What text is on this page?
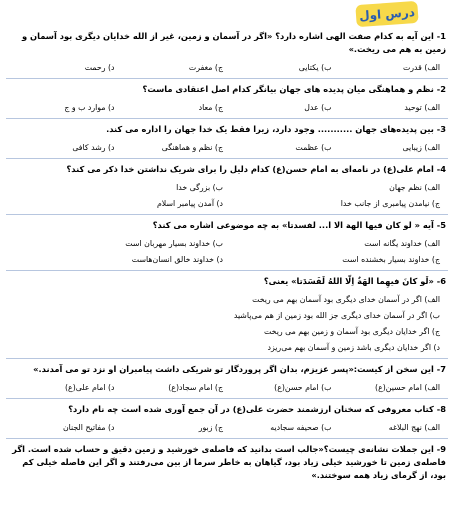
درس اول
1- این آیه به کدام صفت الهی اشاره دارد؟ «اگر در آسمان و زمین، غیر از الله خدایان دیگری بود آسمان و زمین به هم می ریخت.»
الف) قدرت
ب) یکتایی
ج) مغفرت
د) رحمت
2- نظم و هماهنگی میان پدیده های جهان بیانگر کدام اصل اعتقادی ماست؟
الف) توحید
ب) عدل
ج) معاد
د) موارد ب و ج
3- بین پدیده‌های جهان ........... وجود دارد، زیرا فقط یک خدا جهان را اداره می کند.
الف) زیبایی
ب) عظمت
ج) نظم و هماهنگی
د) رشد کافی
4- امام علی(ع) در نامه‌ای به امام حسن(ع) کدام دلیل را برای شریک نداشتن خدا ذکر می کند؟
الف) نظم جهان
ب) بزرگی خدا
ج) نیامدن پیامبری از جانب خدا
د) آمدن پیامبر اسلام
5- آیه « لو کان فیها الهة الا ا... لفسدتا» به چه موضوعی اشاره می کند؟
الف) خداوند یگانه است
ب) خداوند بسیار مهربان است
ج) خداوند بسیار بخشنده است
د) خداوند خالق انسان‌هاست
6- «لَو کانَ فیهِما الهَةٌ اِلّا اللهُ لَفَسَدَتا» یعنی؟
الف) اگر در آسمان خدای دیگری بود آسمان بهم می ریخت
ب) اگر در آسمان خدای دیگری جز الله بود زمین از هم می‌پاشید
ج) اگر خدایان دیگری بود آسمان و زمین بهم می ریخت
د) اگر خدایان دیگری باشد زمین و آسمان بهم می‌ریزد
7- این سخن از کیست:«پسر عزیزم، بدان اگر پروردگار تو شریکی داشت پیامبران او نزد تو می آمدند.»
الف) امام حسین(ع)
ب) امام حسن(ع)
ج) امام سجاد(ع)
د) امام علی(ع)
8- کتاب معروفی که سخنان ارزشمند حضرت علی(ع) در آن جمع آوری شده است چه نام دارد؟
الف) نهج البلاغه
ب) صحیفه سجادیه
ج) زبور
د) مفاتیح الجنان
9- این جملات نشانه‌ی چیست؟«جالب است بدانید که فاصله‌ی خورشید و زمین دقیق و حساب شده است. اگر فاصله‌ی زمین تا خورشید خیلی زیاد بود، گیاهان به خاطر سرما از بین می‌رفتند و اگر این فاصله خیلی کم بود، از گرمای زیاد همه سوختند.»
